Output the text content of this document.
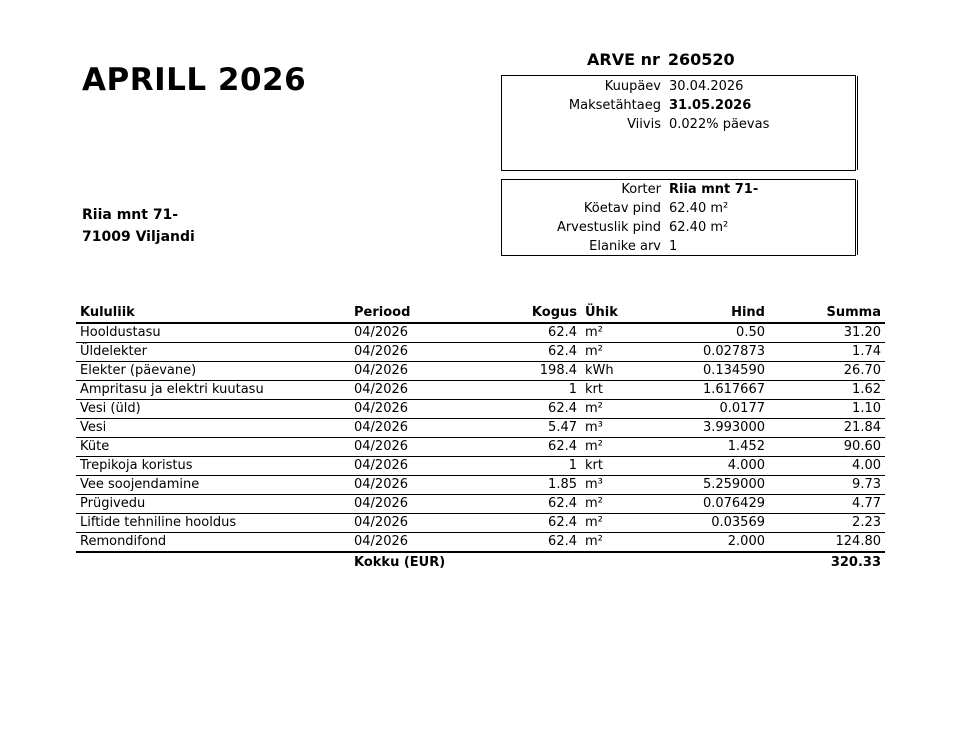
APRILL 2026
ARVE nr 260520
Kuupäev 30.04.2026
Maksetähtaeg 31.05.2026
Viivis 0.022% päevas
Korter Riia mnt 71-
Köetav pind 62.40 m²
Arvestuslik pind 62.40 m²
Elanike arv 1
Riia mnt 71-
71009 Viljandi
Kululiik	Periood	Kogus	Ühik	Hind	Summa
Hooldustasu	04/2026	62.4	m²	0.50	31.20
Üldelekter	04/2026	62.4	m²	0.027873	1.74
Elekter (päevane)	04/2026	198.4	kWh	0.134590	26.70
Ampritasu ja elektri kuutasu	04/2026	1	krt	1.617667	1.62
Vesi (üld)	04/2026	62.4	m²	0.0177	1.10
Vesi	04/2026	5.47	m³	3.993000	21.84
Küte	04/2026	62.4	m²	1.452	90.60
Trepikoja koristus	04/2026	1	krt	4.000	4.00
Vee soojendamine	04/2026	1.85	m³	5.259000	9.73
Prügivedu	04/2026	62.4	m²	0.076429	4.77
Liftide tehniline hooldus	04/2026	62.4	m²	0.03569	2.23
Remondifond	04/2026	62.4	m²	2.000	124.80
	Kokku (EUR)				320.33
